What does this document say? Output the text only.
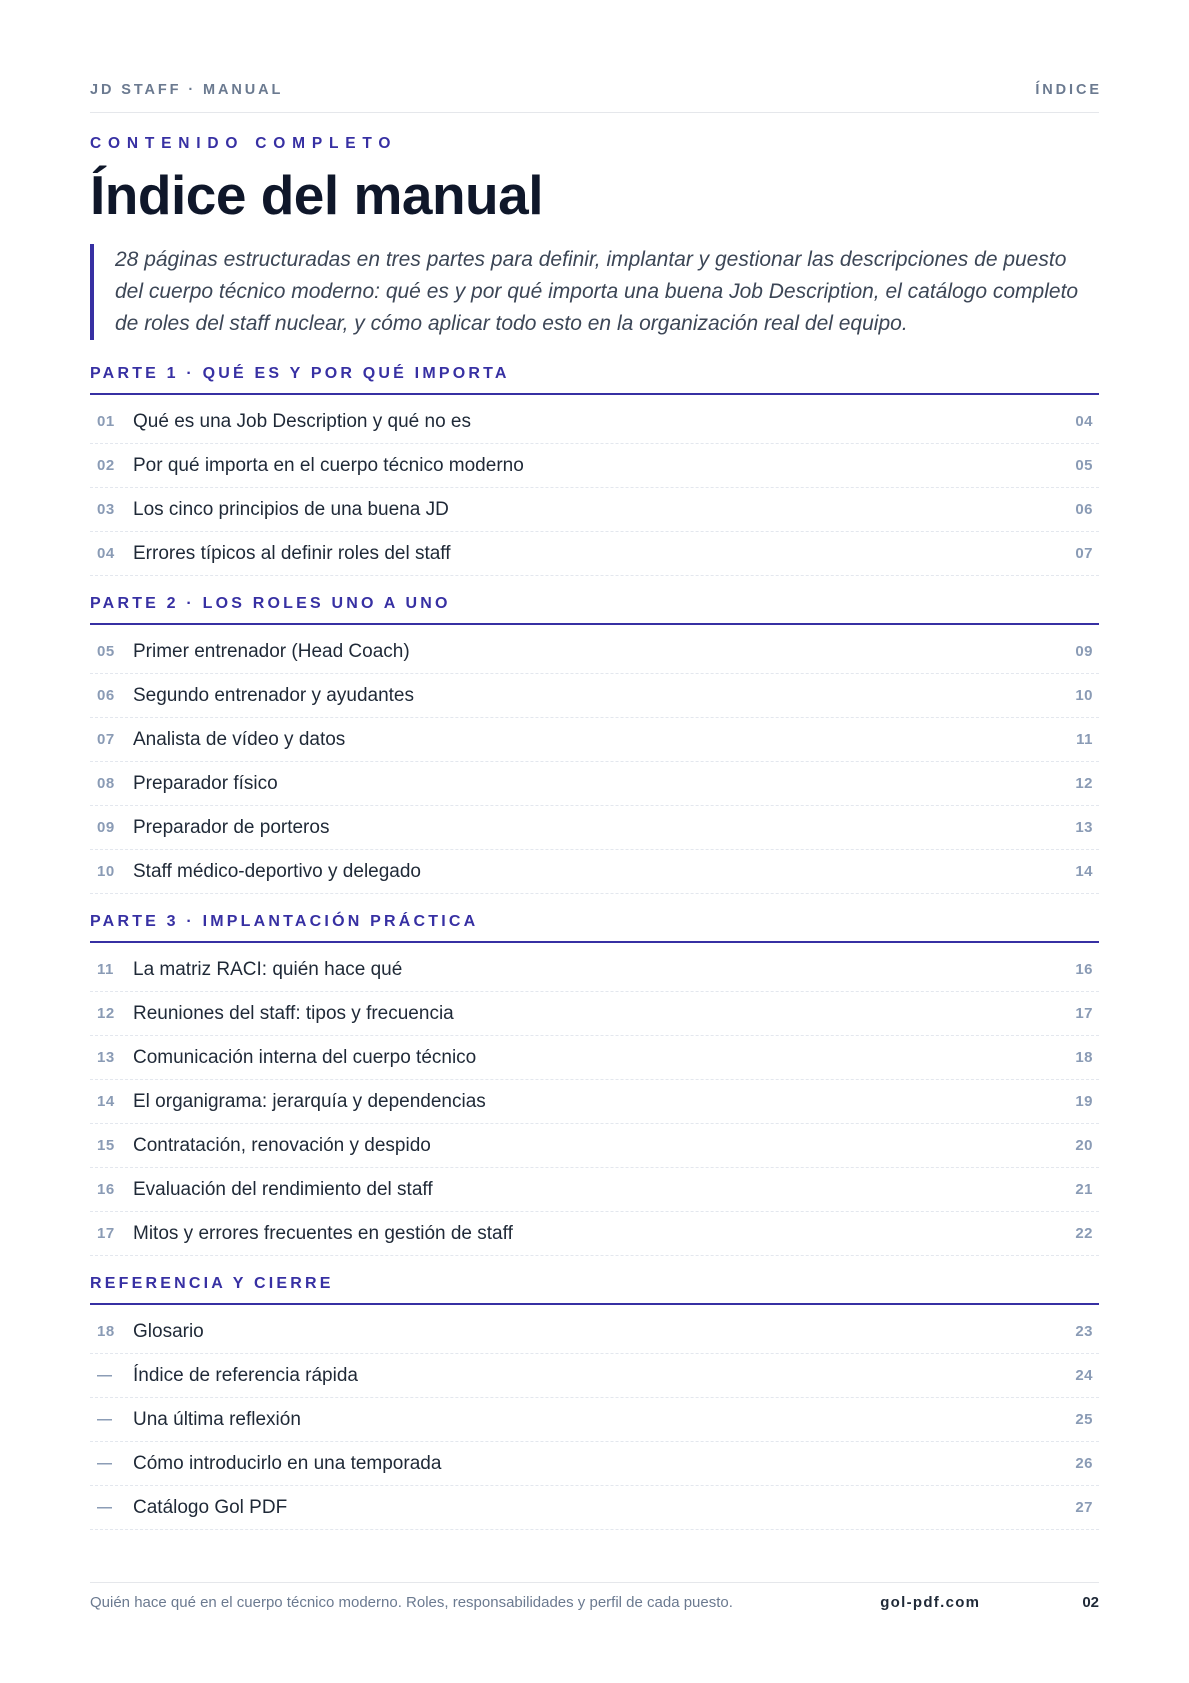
JD STAFF · MANUAL	ÍNDICE
CONTENIDO COMPLETO
Índice del manual
28 páginas estructuradas en tres partes para definir, implantar y gestionar las descripciones de puesto del cuerpo técnico moderno: qué es y por qué importa una buena Job Description, el catálogo completo de roles del staff nuclear, y cómo aplicar todo esto en la organización real del equipo.
PARTE 1 · QUÉ ES Y POR QUÉ IMPORTA
01 Qué es una Job Description y qué no es	04
02 Por qué importa en el cuerpo técnico moderno	05
03 Los cinco principios de una buena JD	06
04 Errores típicos al definir roles del staff	07
PARTE 2 · LOS ROLES UNO A UNO
05 Primer entrenador (Head Coach)	09
06 Segundo entrenador y ayudantes	10
07 Analista de vídeo y datos	11
08 Preparador físico	12
09 Preparador de porteros	13
10 Staff médico-deportivo y delegado	14
PARTE 3 · IMPLANTACIÓN PRÁCTICA
11	La matriz RACI: quién hace qué	16
12 Reuniones del staff: tipos y frecuencia	17
13 Comunicación interna del cuerpo técnico	18
14 El organigrama: jerarquía y dependencias	19
15 Contratación, renovación y despido	20
16 Evaluación del rendimiento del staff	21
17 Mitos y errores frecuentes en gestión de staff	22
REFERENCIA Y CIERRE
18 Glosario	23
—	Índice de referencia rápida	24
—	Una última reflexión	25
—	Cómo introducirlo en una temporada	26
—	Catálogo Gol PDF	27
Quién hace qué en el cuerpo técnico moderno. Roles, responsabilidades y perfil de cada puesto.	gol-pdf.com	02
